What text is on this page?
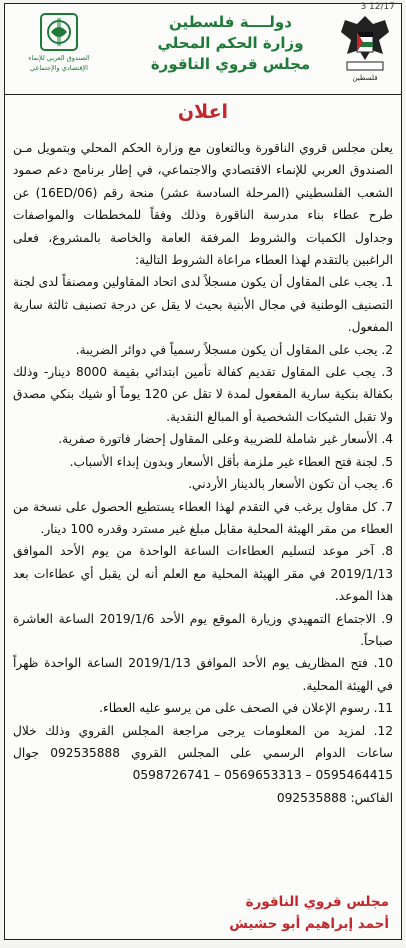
3 12/17
فلسطين
دولــــة فلسطين
وزارة الحكم المحلي
مجلس قروي الناقورة
الصندوق العربي للإنماء
الإقتصادي والإجتماعي
اعلان

يعلن مجلس قروي الناقورة وبالتعاون مع وزارة الحكم المحلي وبتمويل مـن الصندوق العربي للإنماء الاقتصادي والاجتماعي، في إطار برنامج دعم صمود الشعب الفلسطيني (المرحلة السادسة عشر) منحة رقم (16ED/06) عن طرح عطاء بناء مدرسة الناقورة وذلك وفقاً للمخططات والمواصفات وجداول الكميات والشروط المرفقة العامة والخاصة بالمشروع، فعلى الراغبين بالتقدم لهذا العطاء مراعاة الشروط التالية:

1. يجب على المقاول أن يكون مسجلاً لدى اتحاد المقاولين ومصنفاً لدى لجنة التصنيف الوطنية في مجال الأبنية بحيث لا يقل عن درجة تصنيف ثالثة سارية المفعول.

2. يجب على المقاول أن يكون مسجلاً رسمياً في دوائر الضريبة.

3. يجب على المقاول تقديم كفالة تأمين ابتدائي بقيمة 8000 دينار- وذلك بكفالة بنكية سارية المفعول لمدة لا تقل عن 120 يوماً أو شيك بنكي مصدق ولا تقبل الشيكات الشخصية أو المبالغ النقدية.

4. الأسعار غير شاملة للضريبة وعلى المقاول إحضار فاتورة صفرية.

5. لجنة فتح العطاء غير ملزمة بأقل الأسعار وبدون إبداء الأسباب.

6. يجب أن تكون الأسعار بالدينار الأردني.

7. كل مقاول يرغب في التقدم لهذا العطاء يستطيع الحصول على نسخة من العطاء من مقر الهيئة المحلية مقابل مبلغ غير مسترد وقدره 100 دينار.

8. آخر موعد لتسليم العطاءات الساعة الواحدة من يوم الأحد الموافق 2019/1/13 في مقر الهيئة المحلية مع العلم أنه لن يقبل أي عطاءات بعد هذا الموعد.

9. الاجتماع التمهيدي وزيارة الموقع يوم الأحد 2019/1/6 الساعة العاشرة صباحاً.

10. فتح المظاريف يوم الأحد الموافق 2019/1/13 الساعة الواحدة ظهراً في الهيئة المحلية.

11. رسوم الإعلان في الصحف على من يرسو عليه العطاء.

12. لمزيد من المعلومات يرجى مراجعة المجلس القروي وذلك خلال ساعات الدوام الرسمي على المجلس القروي 092535888 جوال 0595464415 – 0569653313 – 0598726741

الفاكس: 092535888

مجلس قروي الناقورة
أحمد إبراهيم أبو حشيش
